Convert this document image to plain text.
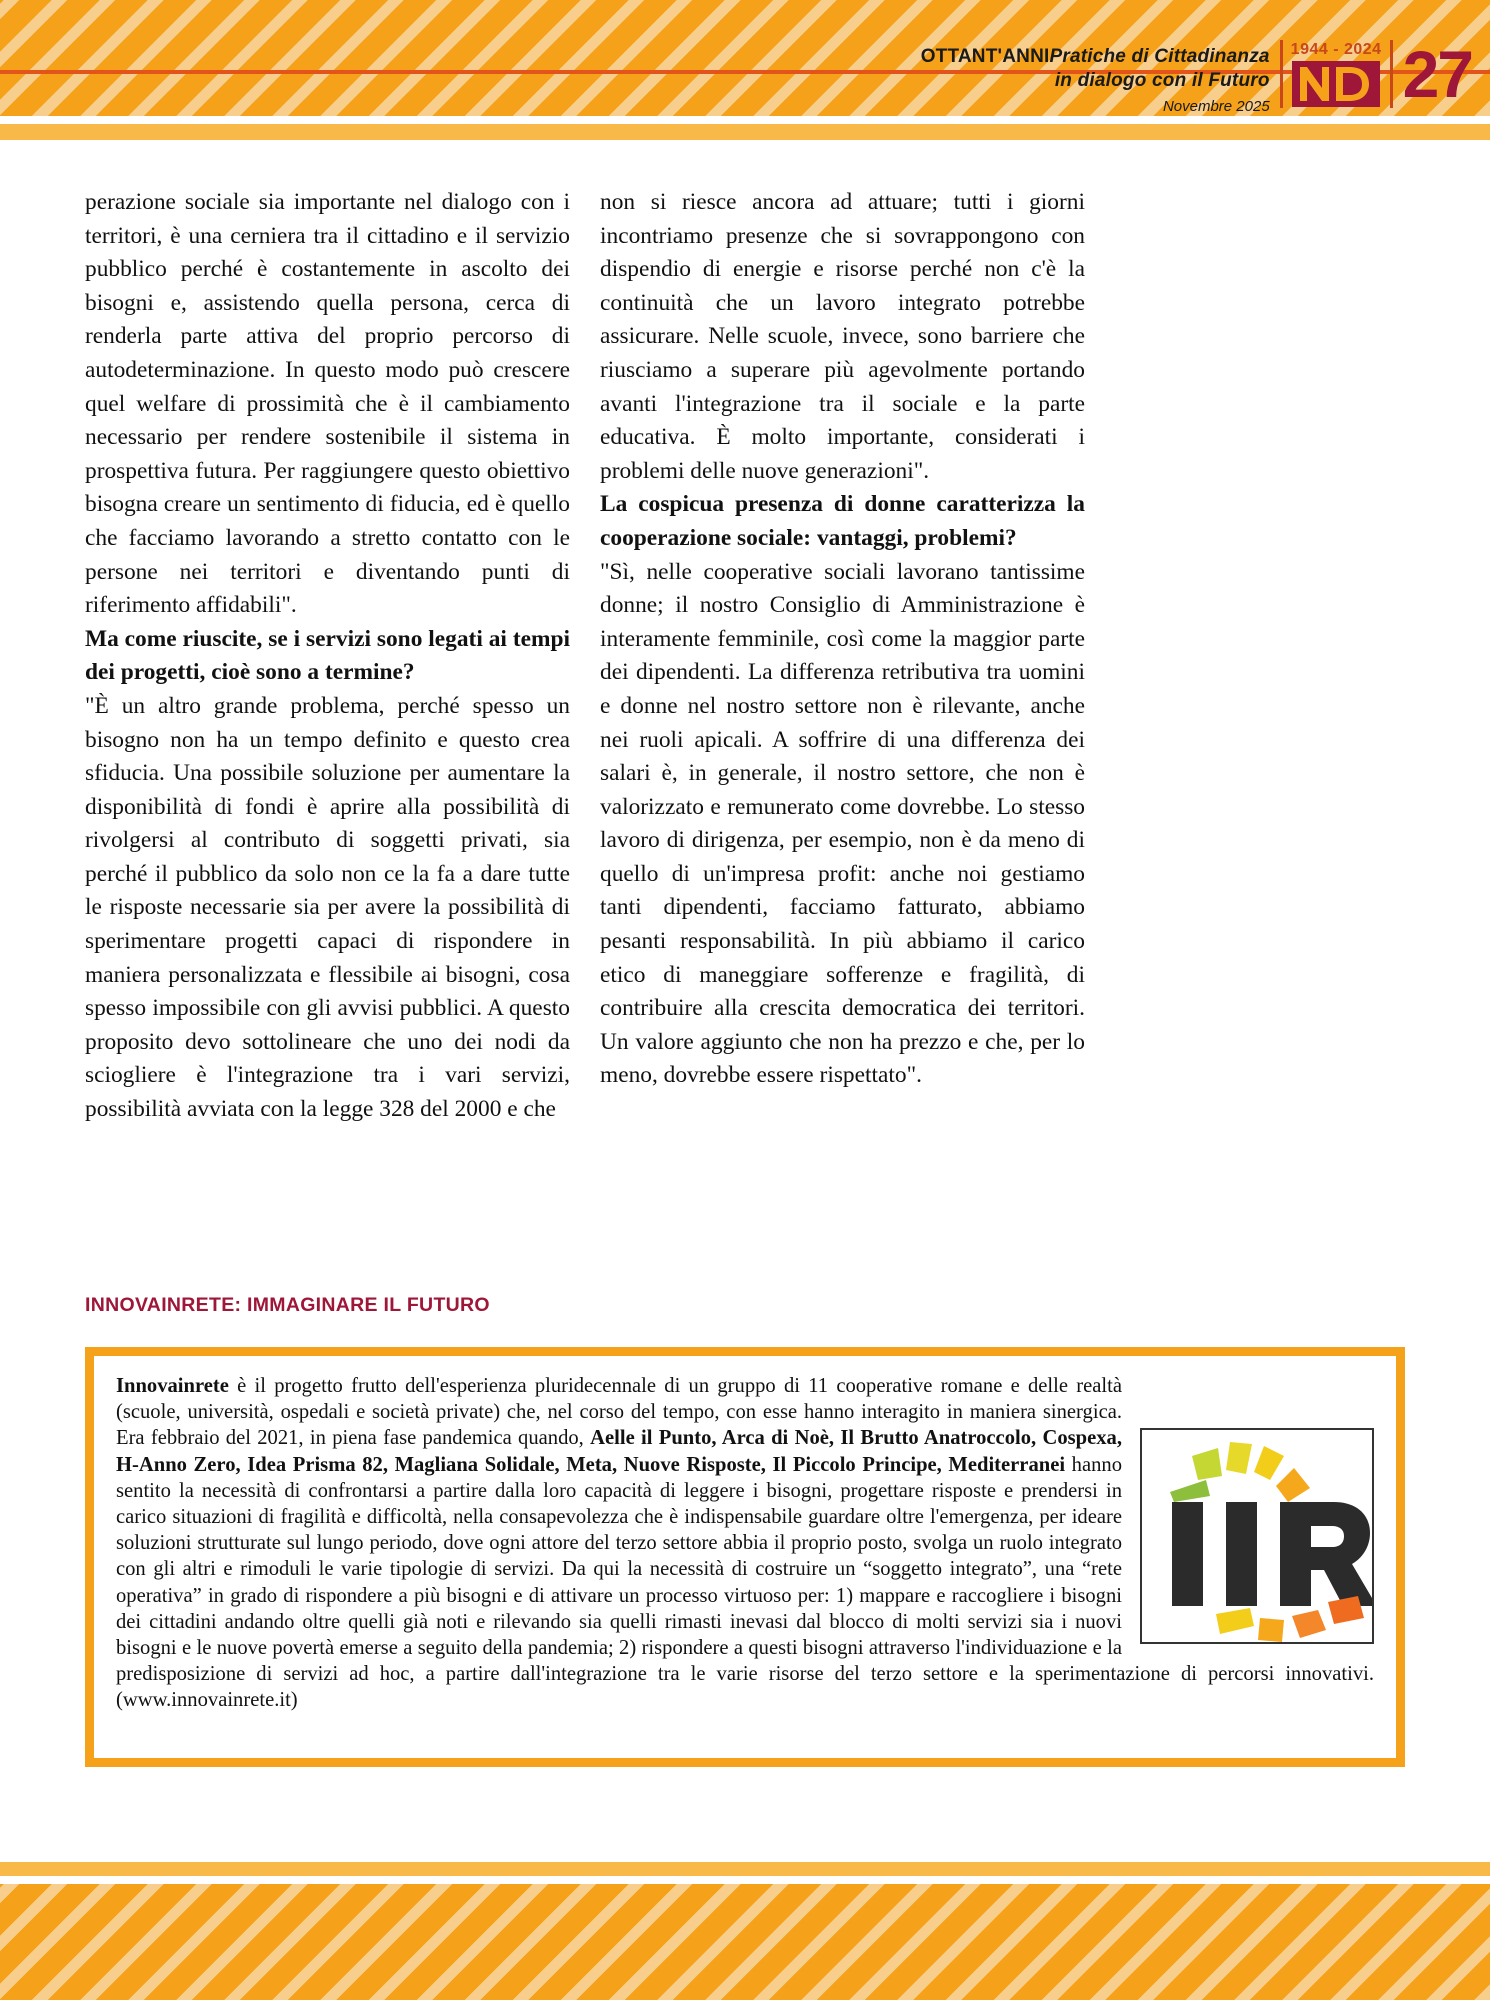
OTTANT'ANNIPratiche di Cittadinanza
in dialogo con il Futuro
Novembre 2025
1944 - 2024 27

perazione sociale sia importante nel dialogo con i territori, è una cerniera tra il cittadino e il servizio pubblico perché è costantemente in ascolto dei bisogni e, assistendo quella persona, cerca di renderla parte attiva del proprio percorso di autodeterminazione. In questo modo può crescere quel welfare di prossimità che è il cambiamento necessario per rendere sostenibile il sistema in prospettiva futura. Per raggiungere questo obiettivo bisogna creare un sentimento di fiducia, ed è quello che facciamo lavorando a stretto contatto con le persone nei territori e diventando punti di riferimento affidabili".

Ma come riuscite, se i servizi sono legati ai tempi dei progetti, cioè sono a termine?

"È un altro grande problema, perché spesso un bisogno non ha un tempo definito e questo crea sfiducia. Una possibile soluzione per aumentare la disponibilità di fondi è aprire alla possibilità di rivolgersi al contributo di soggetti privati, sia perché il pubblico da solo non ce la fa a dare tutte le risposte necessarie sia per avere la possibilità di sperimentare progetti capaci di rispondere in maniera personalizzata e flessibile ai bisogni, cosa spesso impossibile con gli avvisi pubblici. A questo proposito devo sottolineare che uno dei nodi da sciogliere è l'integrazione tra i vari servizi, possibilità avviata con la legge 328 del 2000 e che

non si riesce ancora ad attuare; tutti i giorni incontriamo presenze che si sovrappongono con dispendio di energie e risorse perché non c'è la continuità che un lavoro integrato potrebbe assicurare. Nelle scuole, invece, sono barriere che riusciamo a superare più agevolmente portando avanti l'integrazione tra il sociale e la parte educativa. È molto importante, considerati i problemi delle nuove generazioni".

La cospicua presenza di donne caratterizza la cooperazione sociale: vantaggi, problemi?

"Sì, nelle cooperative sociali lavorano tantissime donne; il nostro Consiglio di Amministrazione è interamente femminile, così come la maggior parte dei dipendenti. La differenza retributiva tra uomini e donne nel nostro settore non è rilevante, anche nei ruoli apicali. A soffrire di una differenza dei salari è, in generale, il nostro settore, che non è valorizzato e remunerato come dovrebbe. Lo stesso lavoro di dirigenza, per esempio, non è da meno di quello di un'impresa profit: anche noi gestiamo tanti dipendenti, facciamo fatturato, abbiamo pesanti responsabilità. In più abbiamo il carico etico di maneggiare sofferenze e fragilità, di contribuire alla crescita democratica dei territori. Un valore aggiunto che non ha prezzo e che, per lo meno, dovrebbe essere rispettato".

INNOVAINRETE: IMMAGINARE IL FUTURO
Innovainrete è il progetto frutto dell'esperienza pluridecennale di un gruppo di 11 cooperative romane e delle realtà (scuole, università, ospedali e società private) che, nel corso del tempo, con esse hanno interagito in maniera sinergica. Era febbraio del 2021, in piena fase pandemica quando, Aelle il Punto, Arca di Noè, Il Brutto Anatroccolo, Cospexa, H-Anno Zero, Idea Prisma 82, Magliana Solidale, Meta, Nuove Risposte, Il Piccolo Principe, Mediterranei hanno sentito la necessità di confrontarsi a partire dalla loro capacità di leggere i bisogni, progettare risposte e prendersi in carico situazioni di fragilità e difficoltà, nella consapevolezza che è indispensabile guardare oltre l'emergenza, per ideare soluzioni strutturate sul lungo periodo, dove ogni attore del terzo settore abbia il proprio posto, svolga un ruolo integrato con gli altri e rimoduli le varie tipologie di servizi. Da qui la necessità di costruire un “soggetto integrato”, una “rete operativa” in grado di rispondere a più bisogni e di attivare un processo virtuoso per: 1) mappare e raccogliere i bisogni dei cittadini andando oltre quelli già noti e rilevando sia quelli rimasti inevasi dal blocco di molti servizi sia i nuovi bisogni e le nuove povertà emerse a seguito della pandemia; 2) rispondere a questi bisogni attraverso l'individuazione e la predisposizione di servizi ad hoc, a partire dall'integrazione tra le varie risorse del terzo settore e la sperimentazione di percorsi innovativi. (www.innovainrete.it)
